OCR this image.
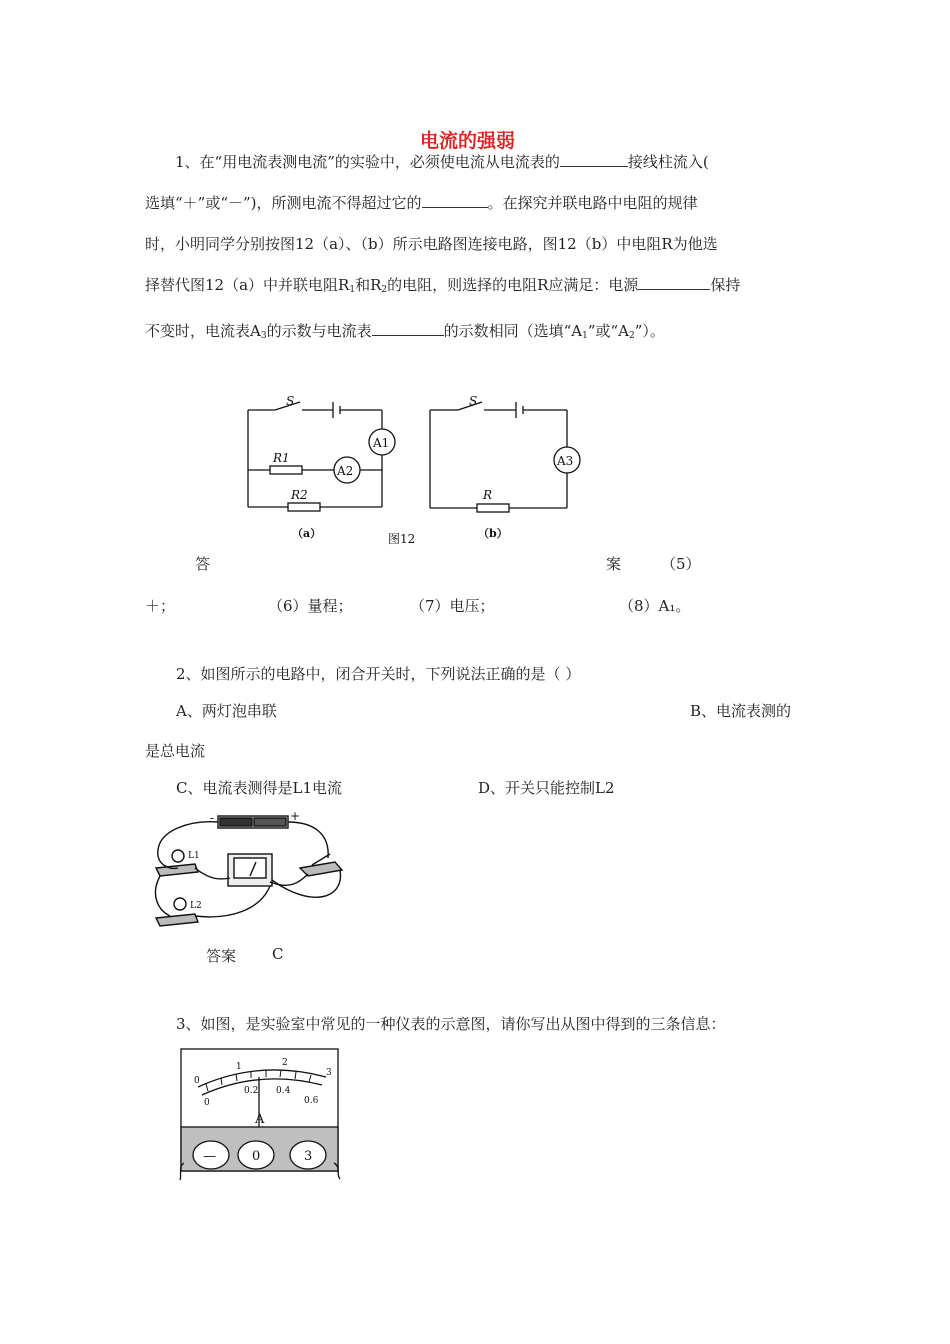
电流的强弱
1、在“用电流表测电流”的实验中，必须使电流从电流表的	接线柱流入(
选填“＋”或“－”)，所测电流不得超过它的	。在探究并联电路中电阻的规律
时，小明同学分别按图12（a）、（b）所示电路图连接电路，图12（b）中电阻R为他选
择替代图12（a）中并联电阻$R_1$和$R_2$的电阻，则选择的电阻R应满足：电源	保持
不变时，电流表$A_3$的示数与电流表	的示数相同（选填“$A_1$”或“$A_2$”）。
S
A1
R1
A2
R2
S
A3
R
（a）	图12	（b）
答	案	（5）
＋；	（6）量程；	（7）电压；	（8）A₁。
2、如图所示的电路中，闭合开关时，下列说法正确的是（ ）
A、两灯泡串联	B、电流表测的
是总电流
C、电流表测得是L1电流	D、开关只能控制L2
L1
L2
-	+
答案 C
3、如图，是实验室中常见的一种仪表的示意图，请你写出从图中得到的三条信息：
0
1	2
3
0
0.2 0.4
0.6
A
—	0	3
